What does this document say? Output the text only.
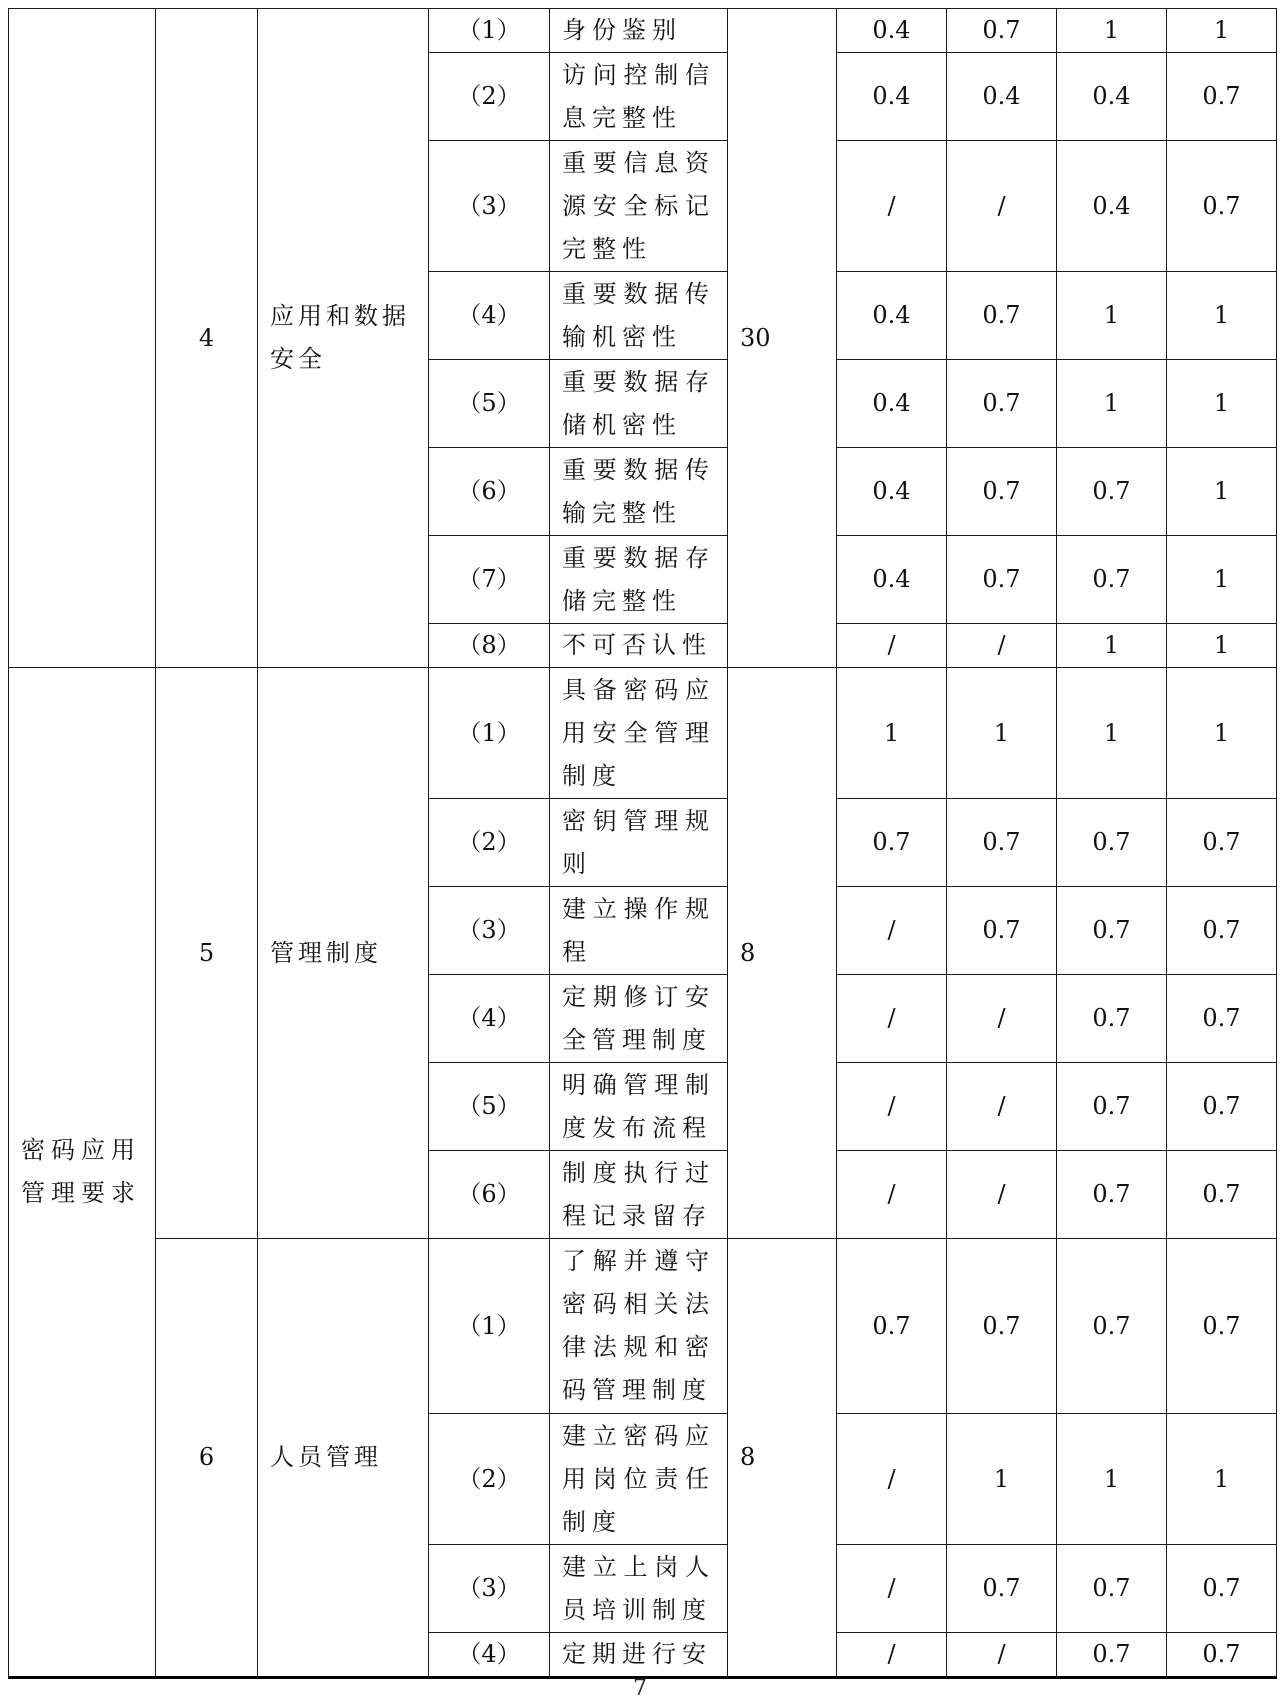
	4	应用和数据安全	（1）	身份鉴别	30	0.4	0.7	1	1
			（2）	访问控制信息完整性		0.4	0.4	0.4	0.7
			（3）	重要信息资源安全标记完整性		/	/	0.4	0.7
			（4）	重要数据传输机密性		0.4	0.7	1	1
			（5）	重要数据存储机密性		0.4	0.7	1	1
			（6）	重要数据传输完整性		0.4	0.7	0.7	1
			（7）	重要数据存储完整性		0.4	0.7	0.7	1
			（8）	不可否认性		/	/	1	1
密码应用管理要求	5	管理制度	（1）	具备密码应用安全管理制度	8	1	1	1	1
			（2）	密钥管理规则		0.7	0.7	0.7	0.7
			（3）	建立操作规程		/	0.7	0.7	0.7
			（4）	定期修订安全管理制度		/	/	0.7	0.7
			（5）	明确管理制度发布流程		/	/	0.7	0.7
			（6）	制度执行过程记录留存		/	/	0.7	0.7
	6	人员管理	（1）	了解并遵守密码相关法律法规和密码管理制度	8	0.7	0.7	0.7	0.7
			（2）	建立密码应用岗位责任制度		/	1	1	1
			（3）	建立上岗人员培训制度		/	0.7	0.7	0.7
			（4）	定期进行安		/	/	0.7	0.7
7
